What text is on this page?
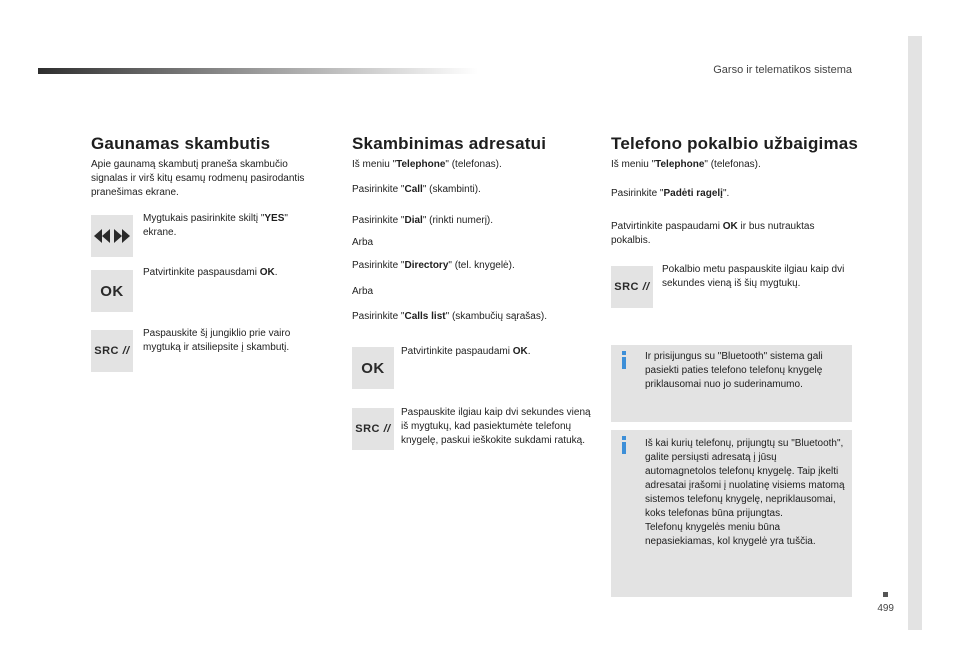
Garso ir telematikos sistema
499
Gaunamas skambutis
Apie gaunamą skambutį praneša skambučio signalas ir virš kitų esamų rodmenų pasirodantis pranešimas ekrane.
Mygtukais pasirinkite skiltį "YES" ekrane.
OK
Patvirtinkite paspausdami OK.
SRC //
Paspauskite šį jungiklio prie vairo mygtuką ir atsiliepsite į skambutį.
Skambinimas adresatui
Iš meniu "Telephone" (telefonas).
Pasirinkite "Call" (skambinti).
Pasirinkite "Dial" (rinkti numerį).
Arba
Pasirinkite "Directory" (tel. knygelė).
Arba
Pasirinkite "Calls list" (skambučių sąrašas).
OK
Patvirtinkite paspaudami OK.
SRC //
Paspauskite ilgiau kaip dvi sekundes vieną iš mygtukų, kad pasiektumėte telefonų knygelę, paskui ieškokite sukdami ratuką.
Telefono pokalbio užbaigimas
Iš meniu "Telephone" (telefonas).
Pasirinkite "Padėti ragelį".
Patvirtinkite paspaudami OK ir bus nutrauktas pokalbis.
SRC //
Pokalbio metu paspauskite ilgiau kaip dvi sekundes vieną iš šių mygtukų.
Ir prisijungus su "Bluetooth" sistema gali pasiekti paties telefono telefonų knygelę priklausomai nuo jo suderinamumo.
Iš kai kurių telefonų, prijungtų su "Bluetooth", galite persiųsti adresatą į jūsų automagnetolos telefonų knygelę. Taip įkelti adresatai įrašomi į nuolatinę visiems matomą sistemos telefonų knygelę, nepriklausomai, koks telefonas būna prijungtas.
Telefonų knygelės meniu būna nepasiekiamas, kol knygelė yra tuščia.
